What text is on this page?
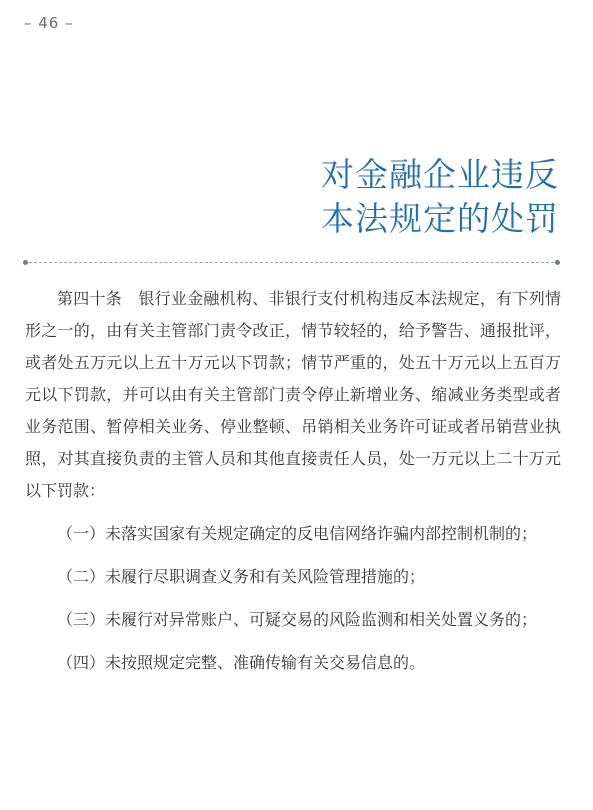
– 46 –
对金融企业违反
本法规定的处罚

第四十条　银行业金融机构、非银行支付机构违反本法规定，有下列情形之一的，由有关主管部门责令改正，情节较轻的，给予警告、通报批评，或者处五万元以上五十万元以下罚款；情节严重的，处五十万元以上五百万元以下罚款，并可以由有关主管部门责令停止新增业务、缩减业务类型或者业务范围、暂停相关业务、停业整顿、吊销相关业务许可证或者吊销营业执照，对其直接负责的主管人员和其他直接责任人员，处一万元以上二十万元以下罚款：

（一）未落实国家有关规定确定的反电信网络诈骗内部控制机制的；

（二）未履行尽职调查义务和有关风险管理措施的；

（三）未履行对异常账户、可疑交易的风险监测和相关处置义务的；

（四）未按照规定完整、准确传输有关交易信息的。
